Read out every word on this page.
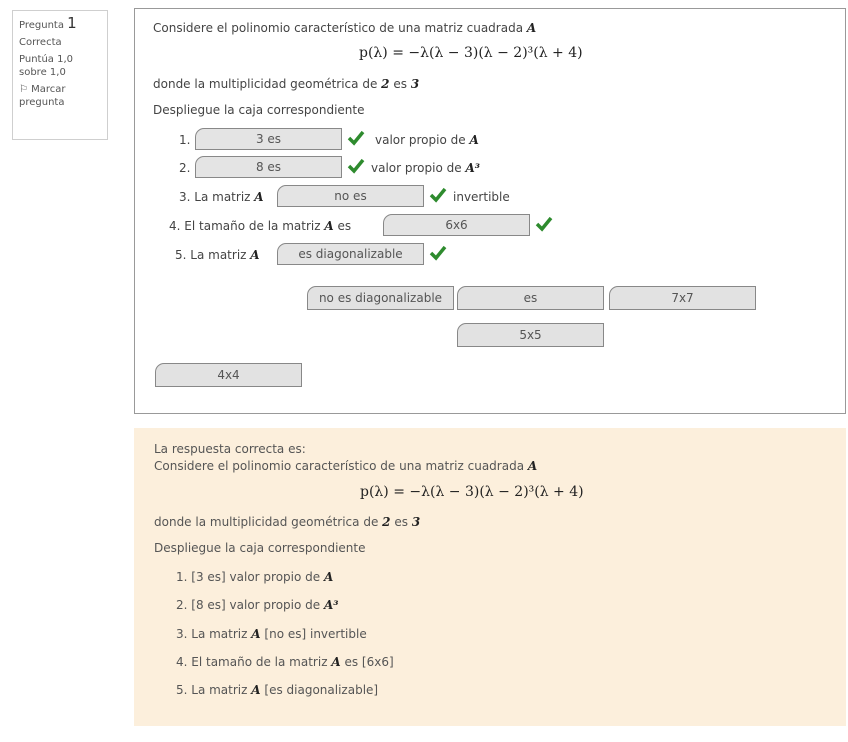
Pregunta 1
Correcta
Puntúa 1,0 sobre 1,0
⚐ Marcar pregunta
Considere el polinomio característico de una matriz cuadrada A
p(λ) = −λ(λ − 3)(λ − 2)³(λ + 4)
donde la multiplicidad geométrica de 2 es 3
Despliegue la caja correspondiente
1.	3 es	valor propio de A
2.	8 es	valor propio de A³
3. La matriz A	no es	invertible
4. El tamaño de la matriz A es	6x6
5. La matriz A	es diagonalizable
no es diagonalizable	es	7x7
5x5
4x4
La respuesta correcta es:
Considere el polinomio característico de una matriz cuadrada A
p(λ) = −λ(λ − 3)(λ − 2)³(λ + 4)
donde la multiplicidad geométrica de 2 es 3
Despliegue la caja correspondiente
1. [3 es] valor propio de A
2. [8 es] valor propio de A³
3. La matriz A [no es] invertible
4. El tamaño de la matriz A es [6x6]
5. La matriz A [es diagonalizable]
